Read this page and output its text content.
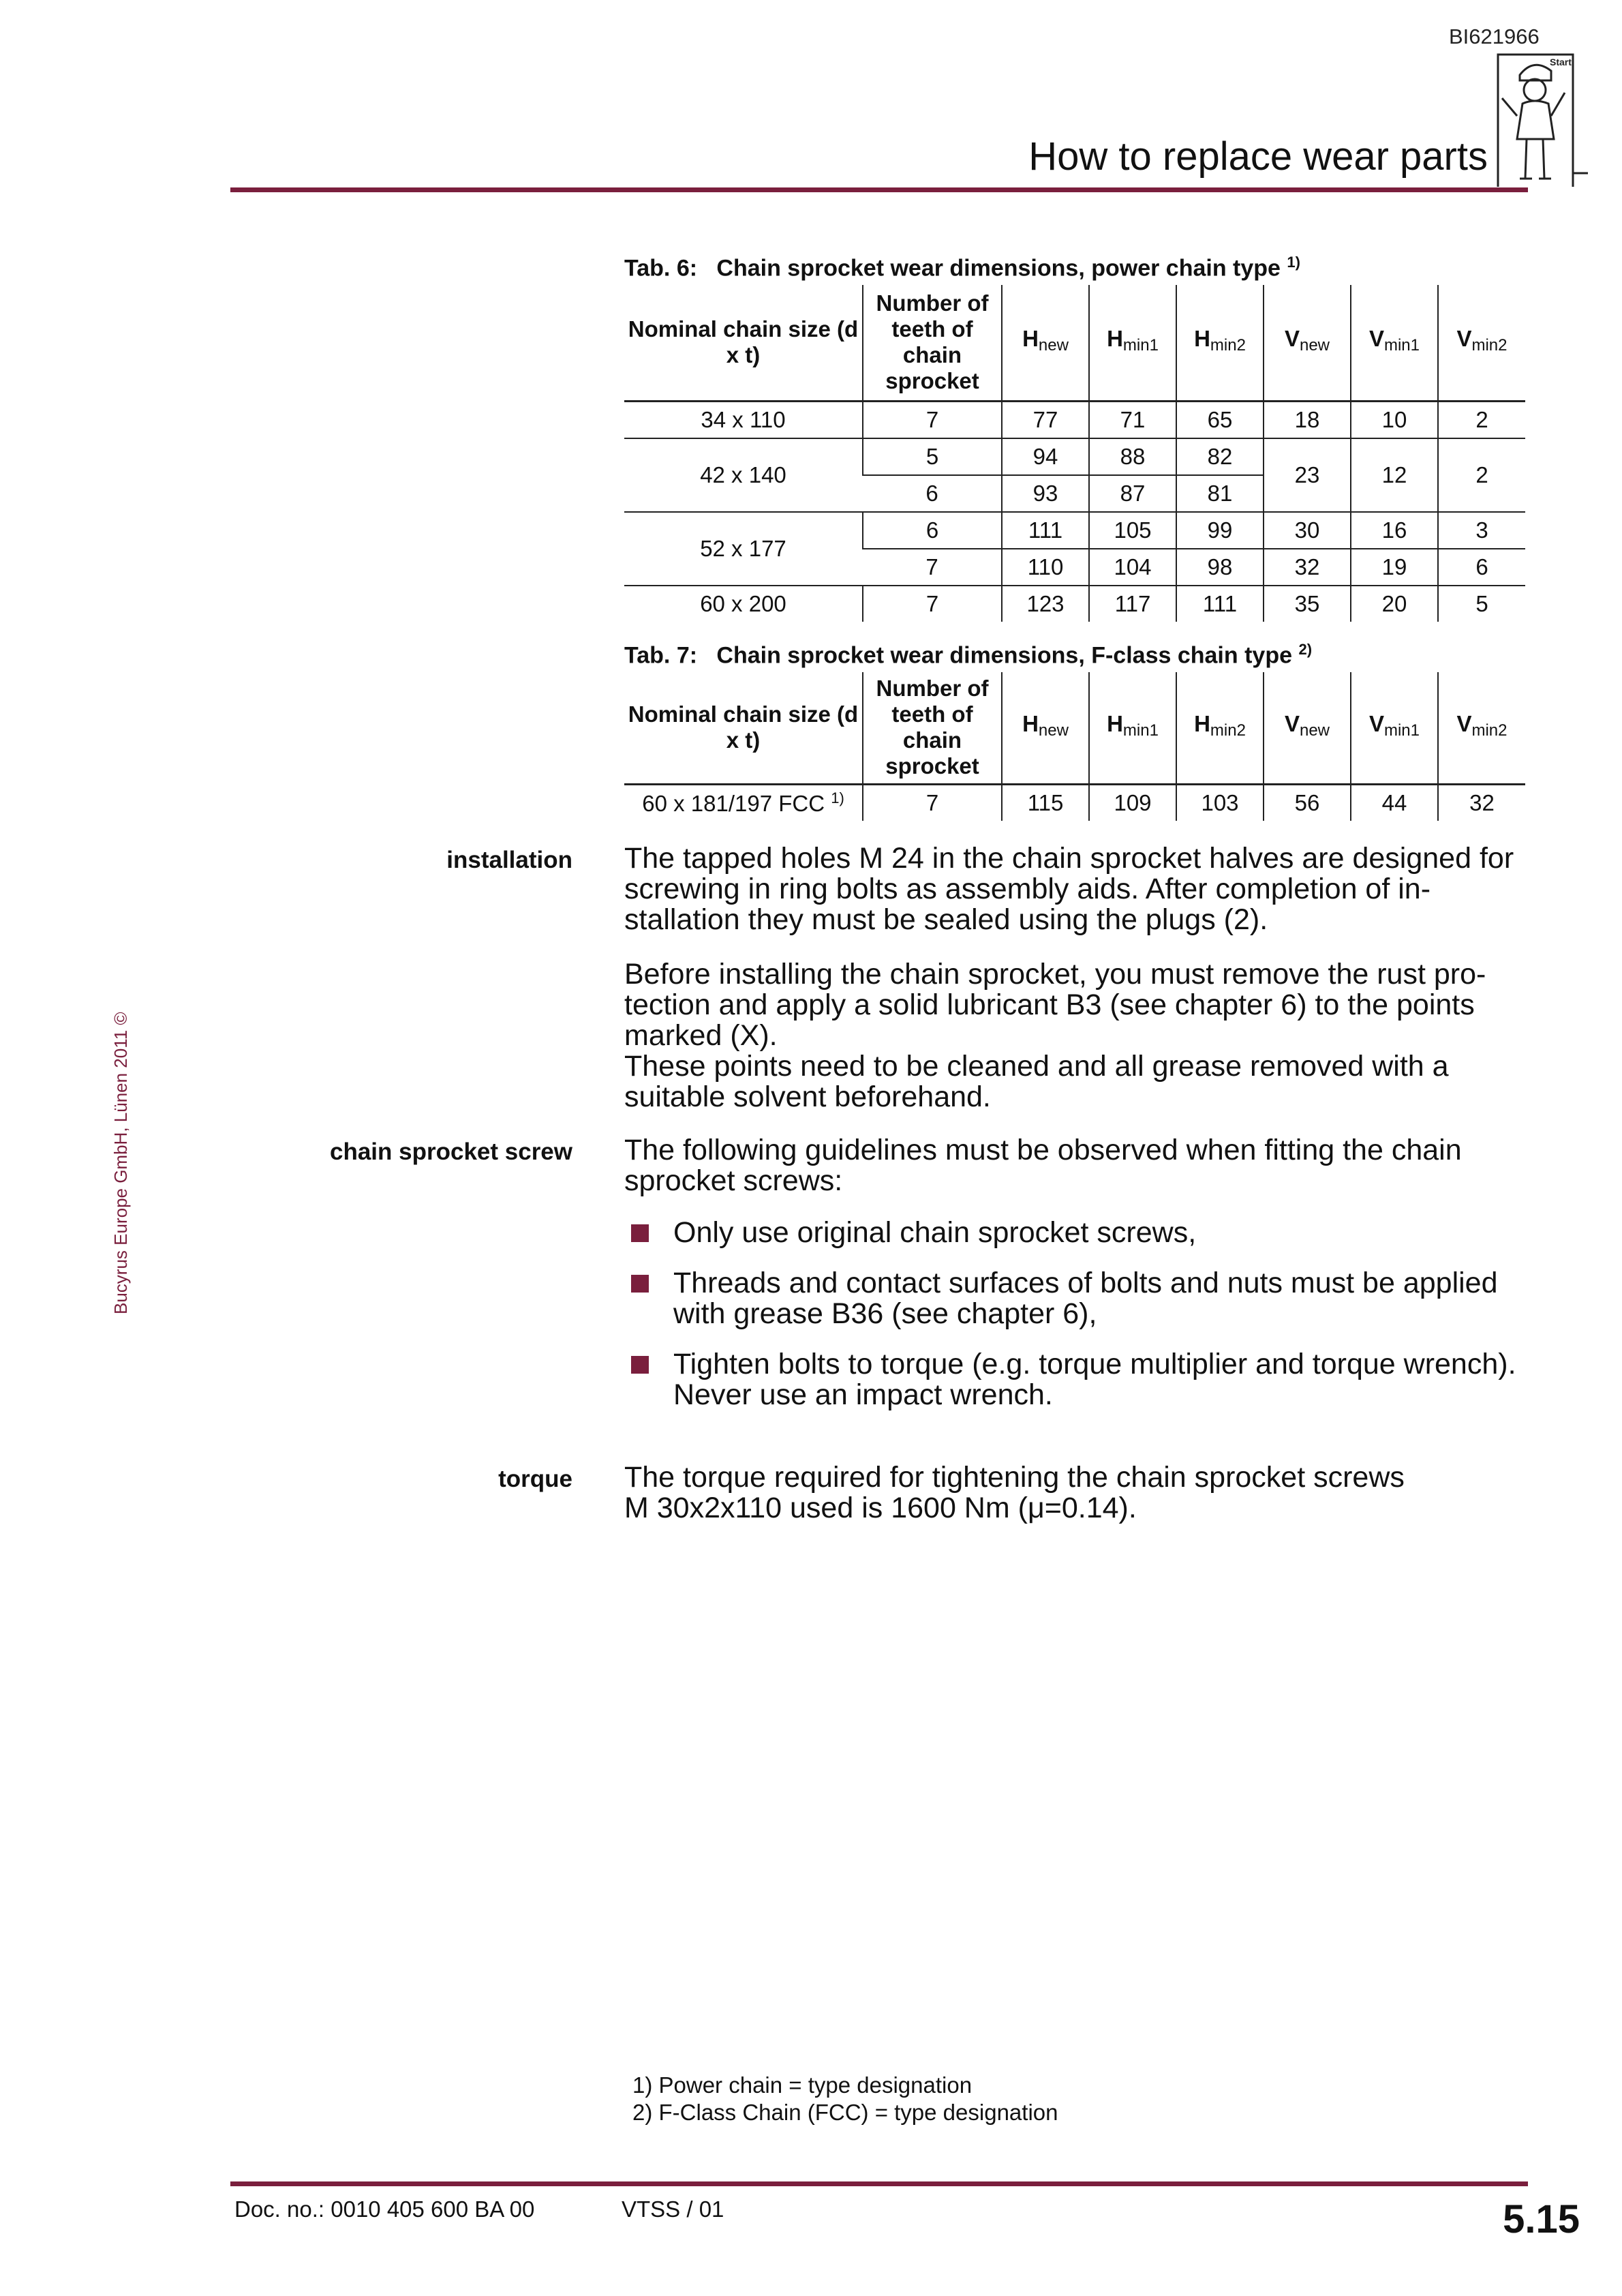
BI621966
How to replace wear parts
Start
Bucyrus Europe GmbH, Lünen 2011 ©
Tab. 6: Chain sprocket wear dimensions, power chain type $^{1)}$
Nominal chain size (d x t)	Number of teeth of chain sprocket	$H_{new}$	$H_{min1}$	$H_{min2}$	$V_{new}$	$V_{min1}$	$V_{min2}$
34 x 110	7	77	71	65	18	10	2
42 x 140	5	94	88	82	23	12	2
	6	93	87	81			
52 x 177	6	111	105	99	30	16	3
	7	110	104	98	32	19	6
60 x 200	7	123	117	111	35	20	5
Tab. 7: Chain sprocket wear dimensions, F-class chain type $^{2)}$
Nominal chain size (d x t)	Number of teeth of chain sprocket	$H_{new}$	$H_{min1}$	$H_{min2}$	$V_{new}$	$V_{min1}$	$V_{min2}$
60 x 181/197 FCC $^{1)}$	7	115	109	103	56	44	32
installation
chain sprocket screw
torque
The tapped holes M 24 in the chain sprocket halves are designed for screwing in ring bolts as assembly aids. After completion of in-stallation they must be sealed using the plugs (2).
Before installing the chain sprocket, you must remove the rust pro-tection and apply a solid lubricant B3 (see chapter 6) to the points marked (X).
These points need to be cleaned and all grease removed with a suitable solvent beforehand.
The following guidelines must be observed when fitting the chain sprocket screws:
Only use original chain sprocket screws,
Threads and contact surfaces of bolts and nuts must be applied with grease B36 (see chapter 6),
Tighten bolts to torque (e.g. torque multiplier and torque wrench).
Never use an impact wrench.
The torque required for tightening the chain sprocket screws
M 30x2x110 used is 1600 Nm (μ=0.14).
1) Power chain = type designation
2) F-Class Chain (FCC) = type designation
Doc. no.: 0010 405 600 BA 00	VTSS / 01	5.15
